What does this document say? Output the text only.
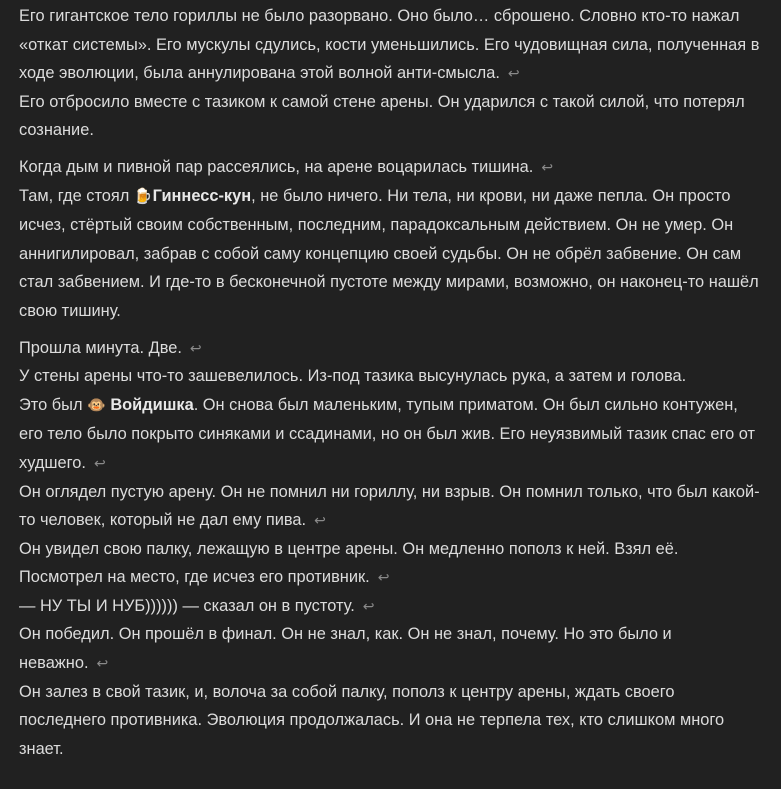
Его гигантское тело гориллы не было разорвано. Оно было… сброшено. Словно кто-то нажал «откат системы». Его мускулы сдулись, кости уменьшились. Его чудовищная сила, полученная в ходе эволюции, была аннулирована этой волной анти-смысла. ↩

Его отбросило вместе с тазиком к самой стене арены. Он ударился с такой силой, что потерял сознание.

Когда дым и пивной пар рассеялись, на арене воцарилась тишина. ↩

Там, где стоял 🍺Гиннесс-кун, не было ничего. Ни тела, ни крови, ни даже пепла. Он просто исчез, стёртый своим собственным, последним, парадоксальным действием. Он не умер. Он аннигилировал, забрав с собой саму концепцию своей судьбы. Он не обрёл забвение. Он сам стал забвением. И где-то в бесконечной пустоте между мирами, возможно, он наконец-то нашёл свою тишину.

Прошла минута. Две. ↩

У стены арены что-то зашевелилось. Из-под тазика высунулась рука, а затем и голова.

Это был 🐵 Войдишка. Он снова был маленьким, тупым приматом. Он был сильно контужен, его тело было покрыто синяками и ссадинами, но он был жив. Его неуязвимый тазик спас его от худшего. ↩

Он оглядел пустую арену. Он не помнил ни гориллу, ни взрыв. Он помнил только, что был какой-то человек, который не дал ему пива. ↩

Он увидел свою палку, лежащую в центре арены. Он медленно пополз к ней. Взял её. Посмотрел на место, где исчез его противник. ↩

— НУ ТЫ И НУБ)))))) — сказал он в пустоту. ↩

Он победил. Он прошёл в финал. Он не знал, как. Он не знал, почему. Но это было и неважно. ↩

Он залез в свой тазик, и, волоча за собой палку, пополз к центру арены, ждать своего последнего противника. Эволюция продолжалась. И она не терпела тех, кто слишком много знает.
